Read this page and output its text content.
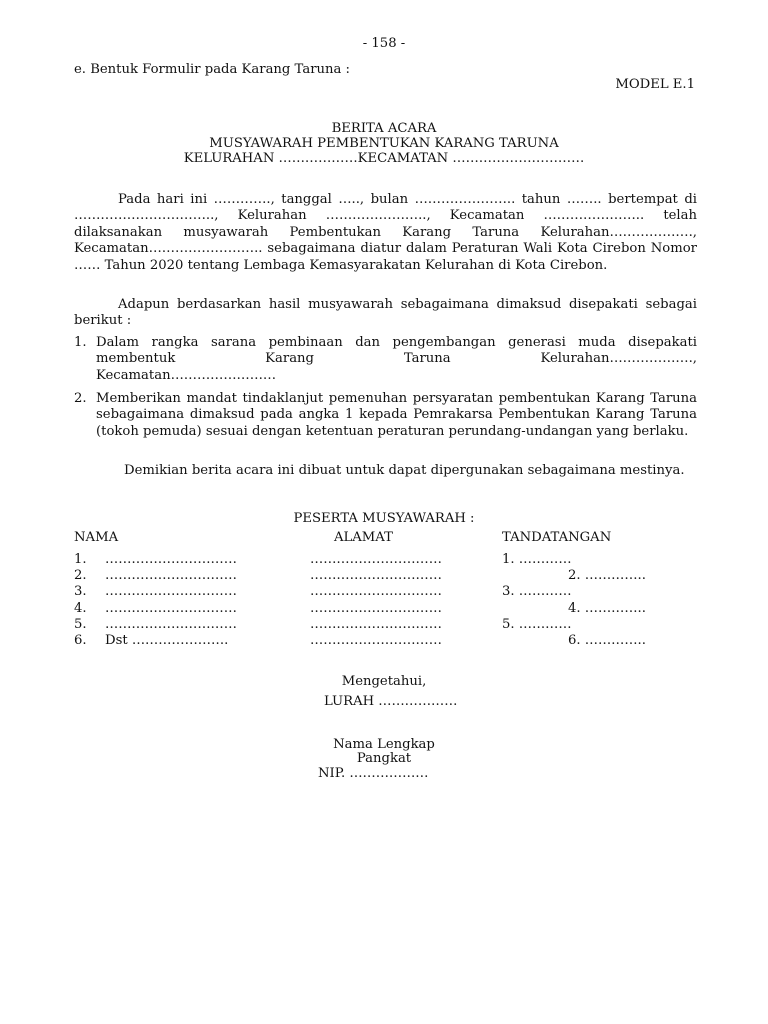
- 158 -
e. Bentuk Formulir pada Karang Taruna :
MODEL E.1
BERITA ACARA
MUSYAWARAH PEMBENTUKAN KARANG TARUNA
KELURAHAN ………………KECAMATAN …………………………
Pada hari ini …………., tanggal ….., bulan ………………….. tahun …….. bertempat di ………………………….., Kelurahan ………………….., Kecamatan ………………….. telah dilaksanakan musyawarah Pembentukan Karang Taruna Kelurahan………………., Kecamatan…………………….. sebagaimana diatur dalam Peraturan Wali Kota Cirebon Nomor …… Tahun 2020 tentang Lembaga Kemasyarakatan Kelurahan di Kota Cirebon.
Adapun berdasarkan hasil musyawarah sebagaimana dimaksud disepakati sebagai berikut :
1. Dalam rangka sarana pembinaan dan pengembangan generasi muda disepakati
membentuk Karang Taruna Kelurahan……………….,
Kecamatan……………………
2. Memberikan mandat tindaklanjut pemenuhan persyaratan pembentukan Karang Taruna sebagaimana dimaksud pada angka 1 kepada Pemrakarsa Pembentukan Karang Taruna (tokoh pemuda) sesuai dengan ketentuan peraturan perundang-undangan yang berlaku.
Demikian berita acara ini dibuat untuk dapat dipergunakan sebagaimana mestinya.
PESERTA MUSYAWARAH :
NAMA	ALAMAT	TANDATANGAN
1. …………………………	…………………………	1. …………
2. …………………………	…………………………	2. …………..
3. …………………………	…………………………	3. …………
4. …………………………	…………………………	4. …………..
5. …………………………	…………………………	5. …………
6. Dst ………………….	…………………………	6. …………..
Mengetahui,
LURAH ………………
Nama Lengkap
Pangkat
NIP. ………………
